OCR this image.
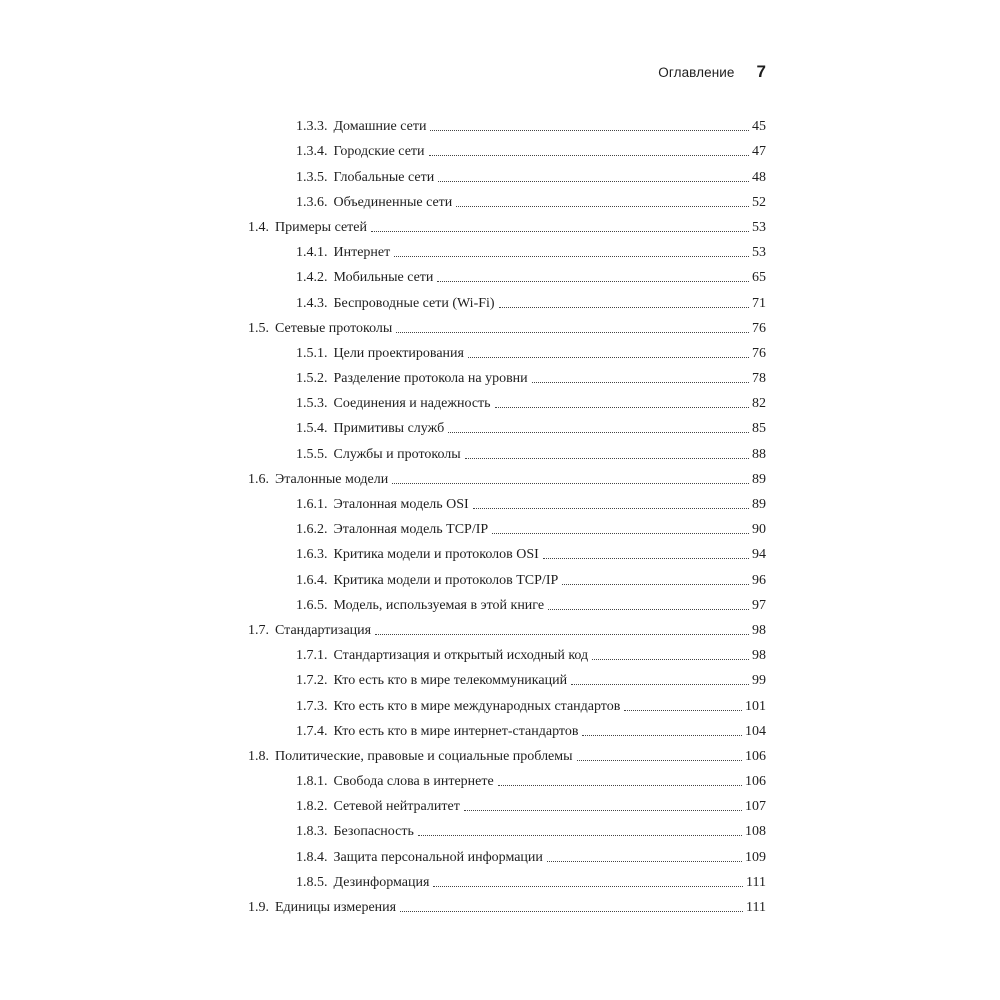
Оглавление 7
1.3.3. Домашние сети	45
1.3.4. Городские сети	47
1.3.5. Глобальные сети	48
1.3.6. Объединенные сети	52
1.4. Примеры сетей	53
1.4.1. Интернет	53
1.4.2. Мобильные сети	65
1.4.3. Беспроводные сети (Wi-Fi)	71
1.5. Сетевые протоколы	76
1.5.1. Цели проектирования	76
1.5.2. Разделение протокола на уровни	78
1.5.3. Соединения и надежность	82
1.5.4. Примитивы служб	85
1.5.5. Службы и протоколы	88
1.6. Эталонные модели	89
1.6.1. Эталонная модель OSI	89
1.6.2. Эталонная модель TCP/IP	90
1.6.3. Критика модели и протоколов OSI	94
1.6.4. Критика модели и протоколов TCP/IP	96
1.6.5. Модель, используемая в этой книге	97
1.7. Стандартизация	98
1.7.1. Стандартизация и открытый исходный код	98
1.7.2. Кто есть кто в мире телекоммуникаций	99
1.7.3. Кто есть кто в мире международных стандартов	101
1.7.4. Кто есть кто в мире интернет-стандартов	104
1.8. Политические, правовые и социальные проблемы	106
1.8.1. Свобода слова в интернете	106
1.8.2. Сетевой нейтралитет	107
1.8.3. Безопасность	108
1.8.4. Защита персональной информации	109
1.8.5. Дезинформация	111
1.9. Единицы измерения	111
